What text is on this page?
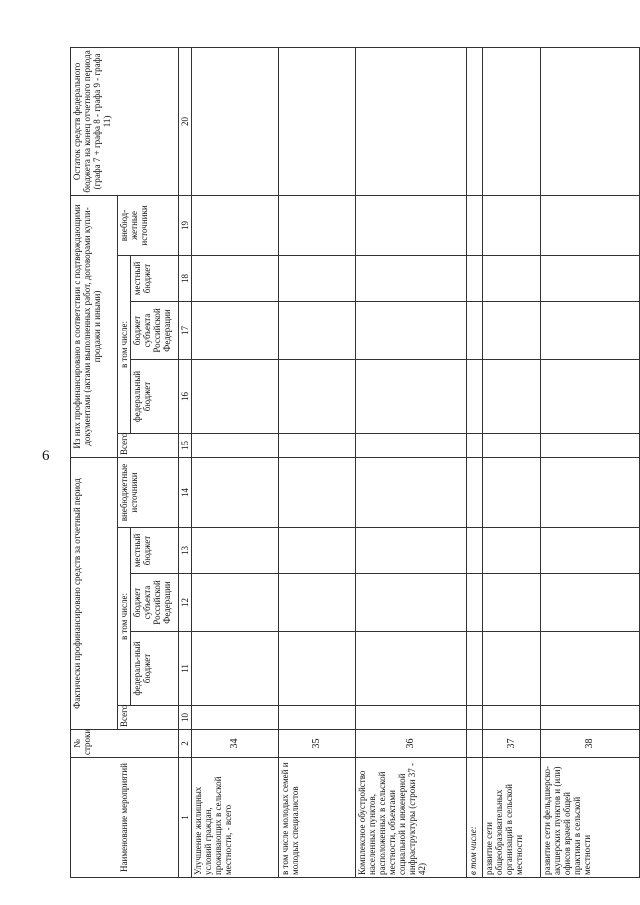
6
Наименование мероприятий	№ строки	Фактически профинансировано средств за отчетный период					Из них профинансировано в соответствии с подтверждающими документами (актами выполненных работ, договорами купли-продажи и иными)					Остаток средств федерального бюджета на конец отчетного периода (графа 7 + графа 8 - графа 9 - графа 11)
		Всего	в том числе:			внебюджетные источники	Всего	в том числе:			внебюд-жетные источники	
			федераль-ный бюджет	бюджет субъекта Российской Федерации	местный бюджет			федеральный бюджет	бюджет субъекта Российской Федерации	местный бюджет		
1	2	10	11	12	13	14	15	16	17	18	19	20
Улучшение жилищных условий граждан, проживающих в сельской местности, - всего	34											
в том числе молодых семей и молодых специалистов	35											
Комплексное обустройство населенных пунктов, расположенных в сельской местности, объектами социальной и инженерной инфраструктуры (строки 37 - 42)	36											
в том числе:												
развитие сети общеобразовательных организаций в сельской местности	37											
развитие сети фельдшерско-акушерских пунктов и (или) офисов врачей общей практики в сельской местности	38											
